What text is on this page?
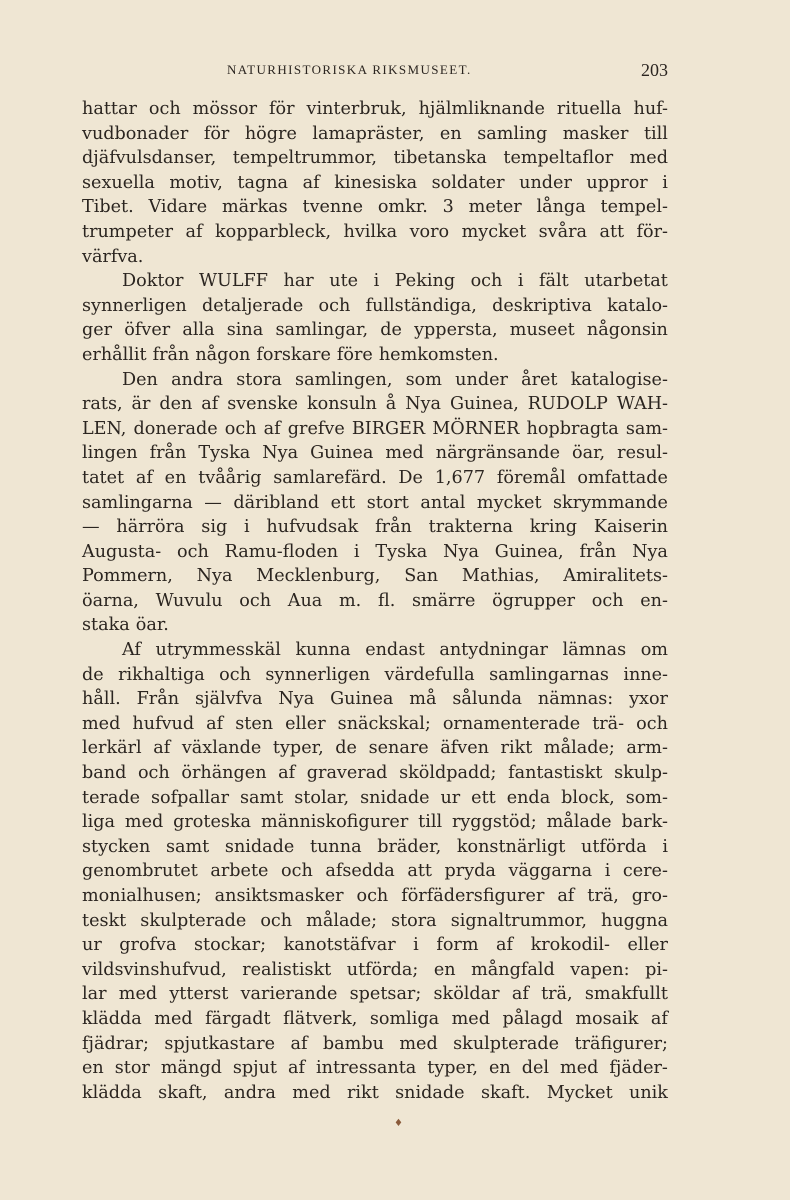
NATURHISTORISKA RIKSMUSEET.	203
hattar och mössor för vinterbruk, hjälmliknande rituella huf-
vudbonader för högre lamapräster, en samling masker till
djäfvulsdanser, tempeltrummor, tibetanska tempeltaflor med
sexuella motiv, tagna af kinesiska soldater under uppror i
Tibet. Vidare märkas tvenne omkr. 3 meter långa tempel-
trumpeter af kopparbleck, hvilka voro mycket svåra att för-
värfva.
Doktor WULFF har ute i Peking och i fält utarbetat
synnerligen detaljerade och fullständiga, deskriptiva katalo-
ger öfver alla sina samlingar, de yppersta, museet någonsin
erhållit från någon forskare före hemkomsten.
Den andra stora samlingen, som under året katalogise-
rats, är den af svenske konsuln å Nya Guinea, RUDOLP WAH-
LEN, donerade och af grefve BIRGER MÖRNER hopbragta sam-
lingen från Tyska Nya Guinea med närgränsande öar, resul-
tatet af en tvåårig samlarefärd. De 1,677 föremål omfattade
samlingarna — däribland ett stort antal mycket skrymmande
— härröra sig i hufvudsak från trakterna kring Kaiserin
Augusta- och Ramu-floden i Tyska Nya Guinea, från Nya
Pommern, Nya Mecklenburg, San Mathias, Amiralitets-
öarna, Wuvulu och Aua m. fl. smärre ögrupper och en-
staka öar.
Af utrymmesskäl kunna endast antydningar lämnas om
de rikhaltiga och synnerligen värdefulla samlingarnas inne-
håll. Från självfva Nya Guinea må sålunda nämnas: yxor
med hufvud af sten eller snäckskal; ornamenterade trä- och
lerkärl af växlande typer, de senare äfven rikt målade; arm-
band och örhängen af graverad sköldpadd; fantastiskt skulp-
terade sofpallar samt stolar, snidade ur ett enda block, som-
liga med groteska människofigurer till ryggstöd; målade bark-
stycken samt snidade tunna bräder, konstnärligt utförda i
genombrutet arbete och afsedda att pryda väggarna i cere-
monialhusen; ansiktsmasker och förfädersfigurer af trä, gro-
teskt skulpterade och målade; stora signaltrummor, huggna
ur grofva stockar; kanotstäfvar i form af krokodil- eller
vildsvinshufvud, realistiskt utförda; en mångfald vapen: pi-
lar med ytterst varierande spetsar; sköldar af trä, smakfullt
klädda med färgadt flätverk, somliga med pålagd mosaik af
fjädrar; spjutkastare af bambu med skulpterade träfigurer;
en stor mängd spjut af intressanta typer, en del med fjäder-
klädda skaft, andra med rikt snidade skaft. Mycket unik
♦
